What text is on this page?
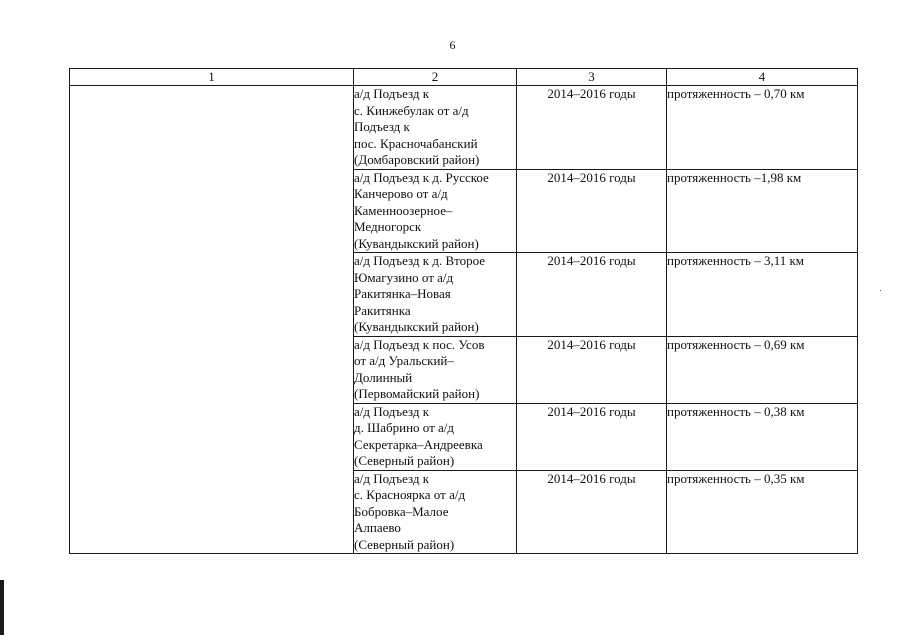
6
1	2	3	4
	а/д Подъезд к
с. Кинжебулак от а/д
Подъезд к
пос. Красночабанский
(Домбаровский район)	2014–2016 годы	протяженность – 0,70 км
	а/д Подъезд к д. Русское
Канчерово от а/д
Каменноозерное–
Медногорск
(Кувандыкский район)	2014–2016 годы	протяженность –1,98 км
	а/д Подъезд к д. Второе
Юмагузино от а/д
Ракитянка–Новая
Ракитянка
(Кувандыкский район)	2014–2016 годы	протяженность – 3,11 км
	а/д Подъезд к пос. Усов
от а/д Уральский–
Долинный
(Первомайский район)	2014–2016 годы	протяженность – 0,69 км
	а/д Подъезд к
д. Шабрино от а/д
Секретарка–Андреевка
(Северный район)	2014–2016 годы	протяженность – 0,38 км
	а/д Подъезд к
с. Красноярка от а/д
Бобровка–Малое
Алпаево
(Северный район)	2014–2016 годы	протяженность – 0,35 км
